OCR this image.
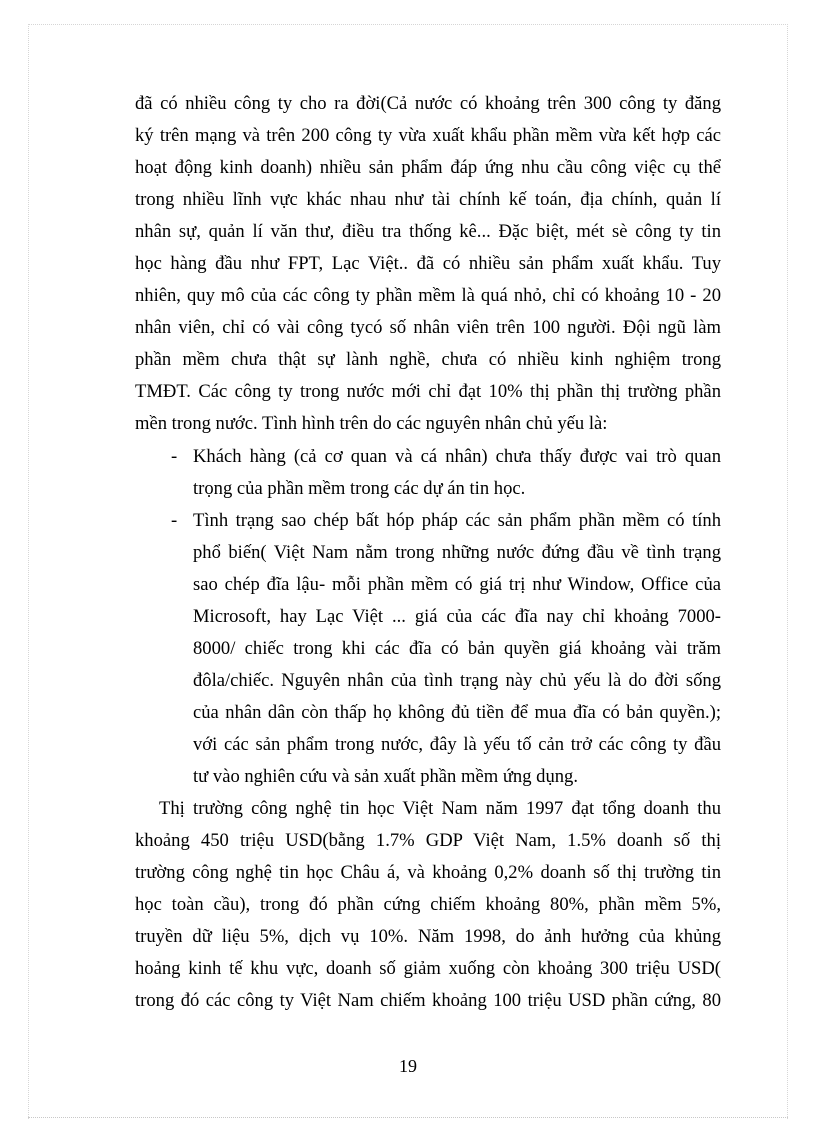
đã có nhiều công ty cho ra đời(Cả nước có khoảng trên 300 công ty đăng
ký trên mạng và trên 200 công ty vừa xuất khẩu phần mềm vừa kết hợp các
hoạt động kinh doanh) nhiều sản phẩm đáp ứng nhu cầu công việc cụ thể
trong nhiều lĩnh vực khác nhau như tài chính kế toán, địa chính, quản lí
nhân sự, quản lí văn thư, điều tra thống kê... Đặc biệt, mét sè công ty tin
học hàng đầu như FPT, Lạc Việt.. đã có nhiều sản phẩm xuất khẩu. Tuy
nhiên, quy mô của các công ty phần mềm là quá nhỏ, chỉ có khoảng 10 - 20
nhân viên, chỉ có vài công tycó số nhân viên trên 100 người. Đội ngũ làm
phần mềm chưa thật sự lành nghề, chưa có nhiều kinh nghiệm trong
TMĐT. Các công ty trong nước mới chỉ đạt 10% thị phần thị trường phần
mền trong nước. Tình hình trên do các nguyên nhân chủ yếu là:
- Khách hàng (cả cơ quan và cá nhân) chưa thấy được vai trò quan
trọng của phần mềm trong các dự án tin học.
- Tình trạng sao chép bất hóp pháp các sản phẩm phần mềm có tính
phổ biến( Việt Nam nằm trong những nước đứng đầu về tình trạng
sao chép đĩa lậu- mỗi phần mềm có giá trị như Window, Office của
Microsoft, hay Lạc Việt ... giá của các đĩa nay chỉ khoảng 7000-
8000/ chiếc trong khi các đĩa có bản quyền giá khoảng vài trăm
đôla/chiếc. Nguyên nhân của tình trạng này chủ yếu là do đời sống
của nhân dân còn thấp họ không đủ tiền để mua đĩa có bản quyền.);
với các sản phẩm trong nước, đây là yếu tố cản trở các công ty đầu
tư vào nghiên cứu và sản xuất phần mềm ứng dụng.
Thị trường công nghệ tin học Việt Nam năm 1997 đạt tổng doanh thu
khoảng 450 triệu USD(bằng 1.7% GDP Việt Nam, 1.5% doanh số thị
trường công nghệ tin học Châu á, và khoảng 0,2% doanh số thị trường tin
học toàn cầu), trong đó phần cứng chiếm khoảng 80%, phần mềm 5%,
truyền dữ liệu 5%, dịch vụ 10%. Năm 1998, do ảnh hưởng của khủng
hoảng kinh tế khu vực, doanh số giảm xuống còn khoảng 300 triệu USD(
trong đó các công ty Việt Nam chiếm khoảng 100 triệu USD phần cứng, 80
19
